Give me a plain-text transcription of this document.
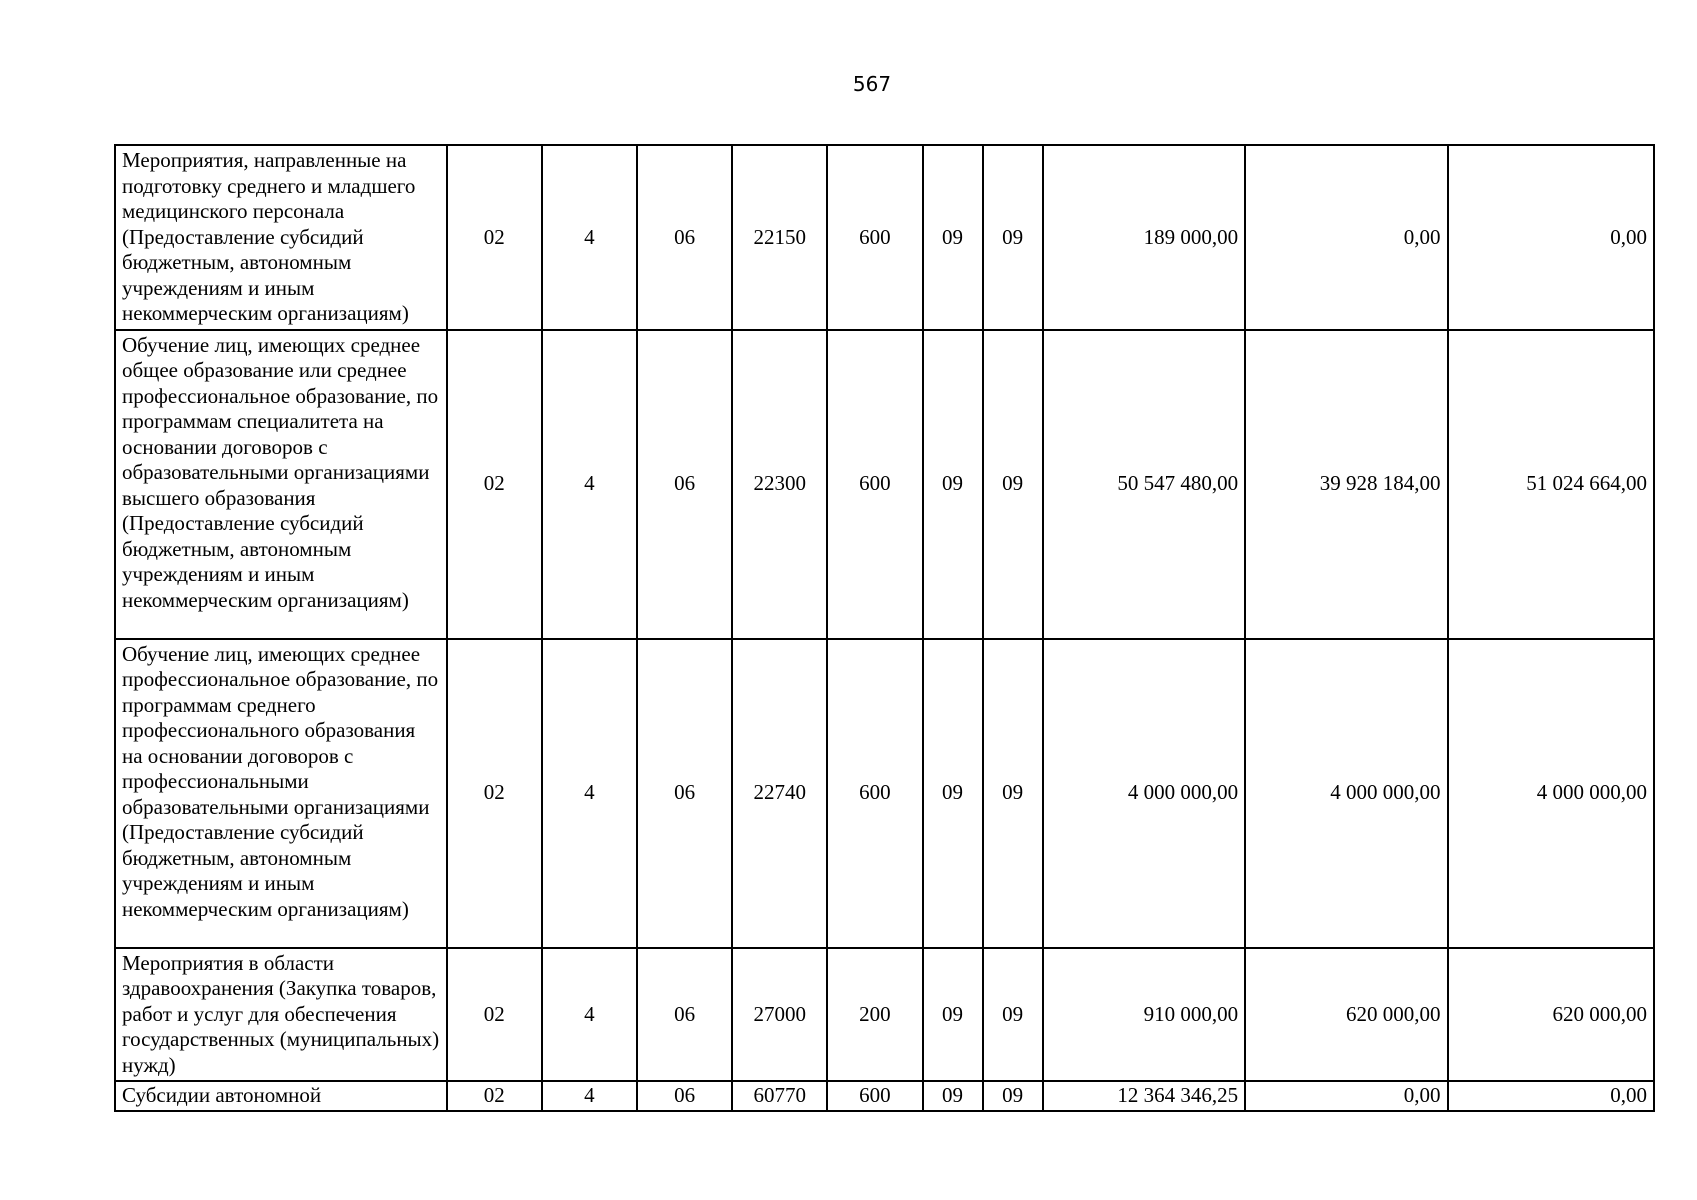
567
Мероприятия, направленные на подготовку среднего и младшего медицинского персонала (Предоставление субсидий бюджетным, автономным учреждениям и иным некоммерческим организациям)	02	4	06	22150	600	09	09	189 000,00	0,00	0,00
Обучение лиц, имеющих среднее общее образование или среднее профессиональное образование, по программам специалитета на основании договоров с образовательными организациями высшего образования (Предоставление субсидий бюджетным, автономным учреждениям и иным некоммерческим организациям)	02	4	06	22300	600	09	09	50 547 480,00	39 928 184,00	51 024 664,00
Обучение лиц, имеющих среднее профессиональное образование, по программам среднего профессионального образования на основании договоров с профессиональными образовательными организациями (Предоставление субсидий бюджетным, автономным учреждениям и иным некоммерческим организациям)	02	4	06	22740	600	09	09	4 000 000,00	4 000 000,00	4 000 000,00
Мероприятия в области здравоохранения (Закупка товаров, работ и услуг для обеспечения государственных (муниципальных) нужд)	02	4	06	27000	200	09	09	910 000,00	620 000,00	620 000,00
Субсидии автономной	02	4	06	60770	600	09	09	12 364 346,25	0,00	0,00
